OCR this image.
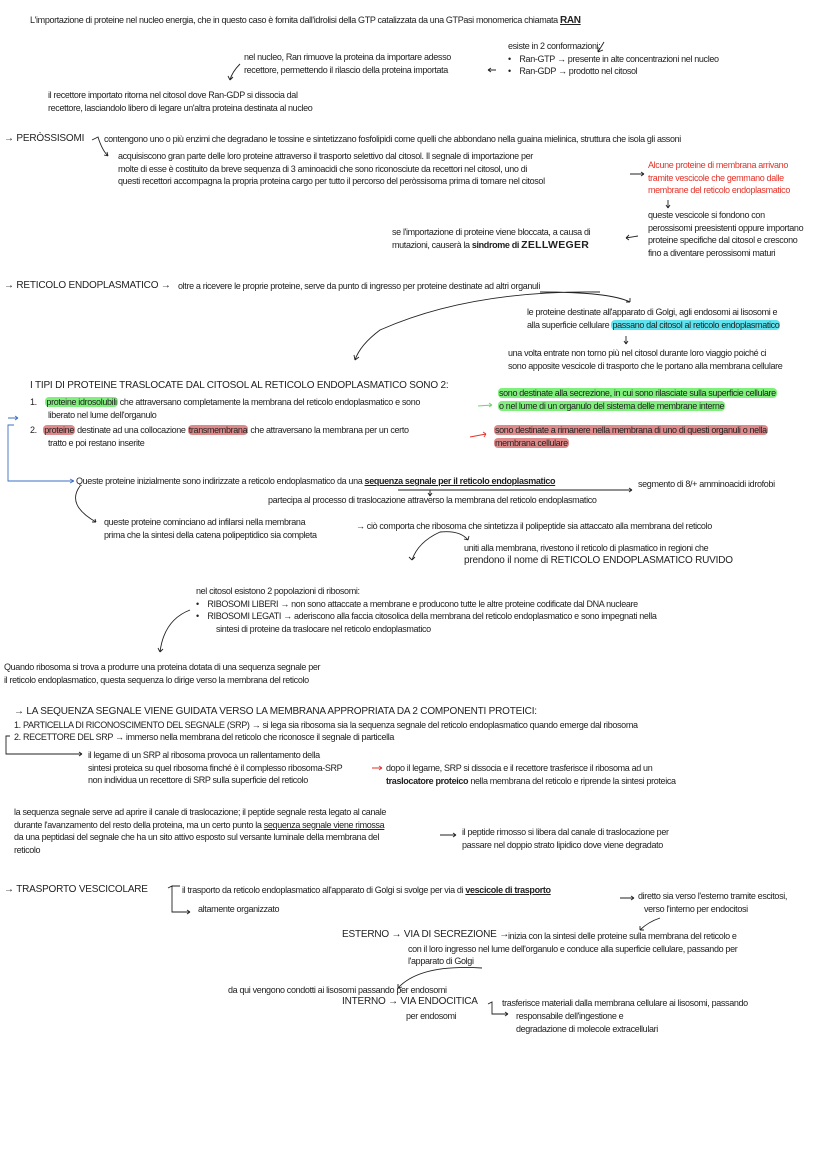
L'importazione di proteine nel nucleo energia, che in questo caso è fornita dall'idrolisi della GTP catalizzata da una GTPasi monomerica chiamata RAN
esiste in 2 conformazioni:
•    Ran-GTP → presente in alte concentrazioni nel nucleo
•    Ran-GDP → prodotto nel citosol
nel nucleo, Ran rimuove la proteina da importare adesso
recettore, permettendo il rilascio della proteina importata
il recettore importato ritorna nel citosol dove Ran-GDP si dissocia dal
recettore, lasciandolo libero di legare un'altra proteina destinata al nucleo
→ PERÒSSISOMI contengono uno o più enzimi che degradano le tossine e sintetizzano fosfolipidi come quelli che abbondano nella guaina mielinica, struttura che isola gli assoni
acquisiscono gran parte delle loro proteine attraverso il trasporto selettivo dal citosol. Il segnale di importazione per
molte di esse è costituito da breve sequenza di 3 aminoacidi che sono riconosciute da recettori nel citosol, uno di
questi recettori accompagna la propria proteina cargo per tutto il percorso del peròssisoma prima di tornare nel citosol
Alcune proteine di membrana arrivano
tramite vescicole che gemmano dalle
membrane del reticolo endoplasmatico
queste vescicole si fondono con
perossisomi preesistenti oppure importano
proteine specifiche dal citosol e crescono
fino a diventare perossisomi maturi
se l'importazione di proteine viene bloccata, a causa di
mutazioni, causerà la sindrome di ZELLWEGER
→ RETICOLO ENDOPLASMATICO → oltre a ricevere le proprie proteine, serve da punto di ingresso per proteine destinate ad altri organuli
le proteine destinate all'apparato di Golgi, agli endosomi ai lisosomi e
alla superficie cellulare passano dal citosol al reticolo endoplasmatico
una volta entrate non torno più nel citosol durante loro viaggio poiché ci
sono apposite vescicole di trasporto che le portano alla membrana cellulare
I TIPI DI PROTEINE TRASLOCATE DAL CITOSOL AL RETICOLO ENDOPLASMATICO SONO 2:
1. proteine idrosolubili che attraversano completamente la membrana del reticolo endoplasmatico e sono
liberato nel lume dell'organulo
2. proteine destinate ad una collocazione transmembrana che attraversano la membrana per un certo
tratto e poi restano inserite
sono destinate alla secrezione, in cui sono rilasciate sulla superficie cellulare
o nel lume di un organulo del sistema delle membrane interne
sono destinate a rimanere nella membrana di uno di questi organuli o nella
membrana cellulare
Queste proteine inizialmente sono indirizzate a reticolo endoplasmatico da una sequenza segnale per il reticolo endoplasmatico	segmento di 8/+ amminoacidi idrofobi
partecipa al processo di traslocazione attraverso la membrana del reticolo endoplasmatico
queste proteine cominciano ad infilarsi nella membrana
prima che la sintesi della catena polipeptidico sia completa
→ ciò comporta che ribosoma che sintetizza il polipeptide sia attaccato alla membrana del reticolo
uniti alla membrana, rivestono il reticolo di plasmatico in regioni che
prendono il nome di RETICOLO ENDOPLASMATICO RUVIDO
nel citosol esistono 2 popolazioni di ribosomi:
•    RIBOSOMI LIBERI → non sono attaccate a membrane e producono tutte le altre proteine codificate dal DNA nucleare
•    RIBOSOMI LEGATI → aderiscono alla faccia citosolica della membrana del reticolo endoplasmatico e sono impegnati nella
sintesi di proteine da traslocare nel reticolo endoplasmatico
Quando ribosoma si trova a produrre una proteina dotata di una sequenza segnale per
il reticolo endoplasmatico, questa sequenza lo dirige verso la membrana del reticolo
→ LA SEQUENZA SEGNALE VIENE GUIDATA VERSO LA MEMBRANA APPROPRIATA DA 2 COMPONENTI PROTEICI:
1. PARTICELLA DI RICONOSCIMENTO DEL SEGNALE (SRP) → si lega sia ribosoma sia la sequenza segnale del reticolo endoplasmatico quando emerge dal ribosoma
2. RECETTORE DEL SRP → immerso nella membrana del reticolo che riconosce il segnale di particella
il legame di un SRP al ribosoma provoca un rallentamento della
sintesi proteica su quel ribosoma finché è il complesso ribosoma-SRP
non individua un recettore di SRP sulla superficie del reticolo
dopo il legame, SRP si dissocia e il recettore trasferisce il ribosoma ad un
traslocatore proteico nella membrana del reticolo e riprende la sintesi proteica
la sequenza segnale serve ad aprire il canale di traslocazione; il peptide segnale resta legato al canale
durante l'avanzamento del resto della proteina, ma un certo punto la sequenza segnale viene rimossa
da una peptidasi del segnale che ha un sito attivo esposto sul versante luminale della membrana del
reticolo
il peptide rimosso si libera dal canale di traslocazione per
passare nel doppio strato lipidico dove viene degradato
→ TRASPORTO VESCICOLARE	il trasporto da reticolo endoplasmatico all'apparato di Golgi si svolge per via di vescicole di trasporto
altamente organizzato
diretto sia verso l'esterno tramite escitosi,
verso l'interno per endocitosi
ESTERNO → VIA DI SECREZIONE →
inizia con la sintesi delle proteine sulla membrana del reticolo e
con il loro ingresso nel lume dell'organulo e conduce alla superficie cellulare, passando per
l'apparato di Golgi
da qui vengono condotti ai lisosomi passando per endosomi
INTERNO → VIA ENDOCITICA
per endosomi
trasferisce materiali dalla membrana cellulare ai lisosomi, passando
responsabile dell'ingestione e
degradazione di molecole extracellulari
